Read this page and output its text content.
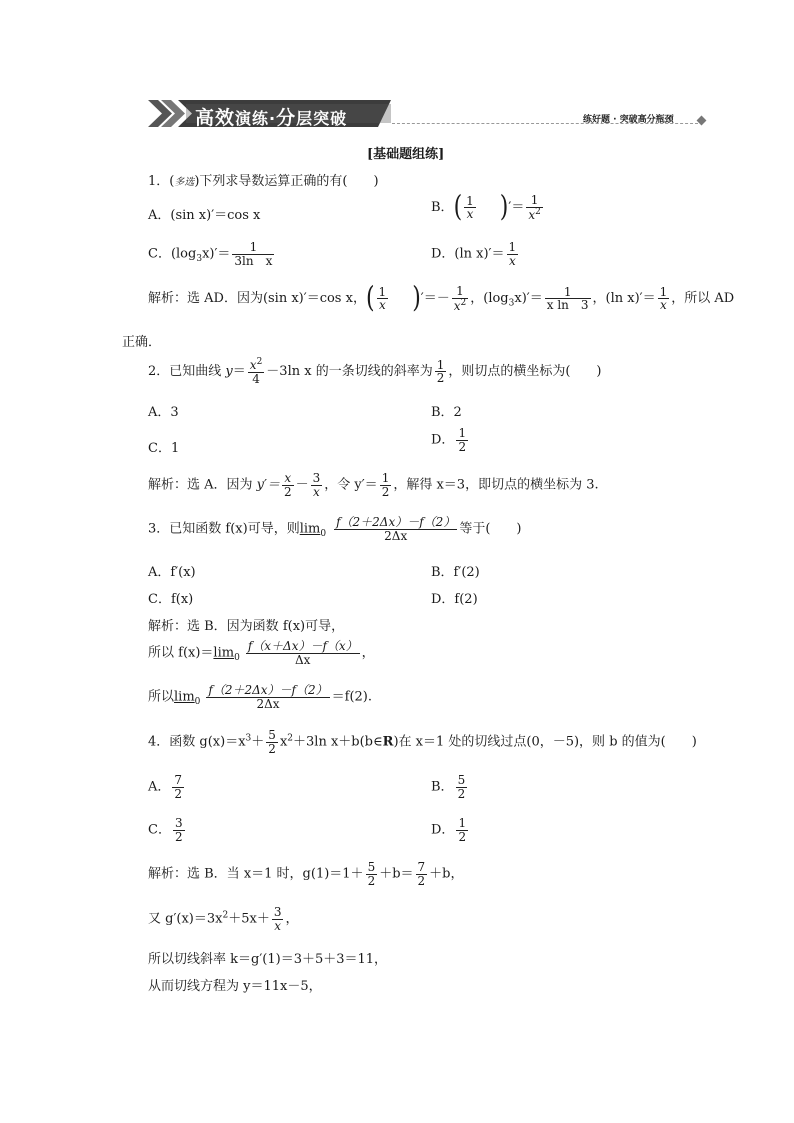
高效演练·分层突破	练好题 · 突破高分瓶颈
[基础题组练]
1．(多选)下列求导数运算正确的有(　　)
A．(sin x)′＝cos x
B．( $\frac{1}{x}$ )′＝ $\frac{1}{x^2}$
C．$(\log_3x)'= \frac{1}{\text{3ln　x}}$	D．(ln $x)'= \frac{1}{x}$
解析：选 AD．因为(sin x)′＝cos x，( $\frac{1}{x}$ )′＝－ $\frac{1}{x^2}$ ，$(\log_3x)'= \frac{1}{\text{x ln　3}}$ ，(ln $x)'= \frac{1}{x}$ ，所以 AD
正确．
2．已知曲线 $y= \frac{x^2}{4} -3\ln$ x 的一条切线的斜率为 $\frac{1}{2}$ ，则切点的横坐标为(　　)
A．3	B．2
C．1
D． $\frac{1}{2}$
解析：选 A．因为 $y'= \frac{x}{2} - \frac{3}{x}$ ，令 $y'= \frac{1}{2}$ ，解得 x＝3，即切点的横坐标为 3.
3．已知函数 f(x)可导，则$\lim_0 \frac{f(2+2\Delta x)-f(2)}{2\Delta x}$ 等于(　　)
A．f′(x)	B．f′(2)
C．f(x)	D．f(2)
解析：选 B．因为函数 f(x)可导，
所以 $f(x)=\lim_0 \frac{f(x+\Delta x)-f(x)}{\Delta x}$ ，
所以$\lim_0 \frac{f(2+2\Delta x)-f(2)}{2\Delta x} =f(2)$.
4．函数 $g(x)=x^3+ \frac{5}{2} x^2+3\ln$ x＋b(b∈R)在 x＝1 处的切线过点(0，－5)，则 b 的值为(　　)
A． $\frac{7}{2}$	B． $\frac{5}{2}$
C． $\frac{3}{2}$	D． $\frac{1}{2}$
解析：选 B．当 x＝1 时，$g(1)=1+ \frac{5}{2} +b= \frac{7}{2} +b$，
又 $g'(x)=3x^2+5x+ \frac{3}{x}$ ，
所以切线斜率 k＝g′(1)＝3＋5＋3＝11，
从而切线方程为 y＝11x－5，
